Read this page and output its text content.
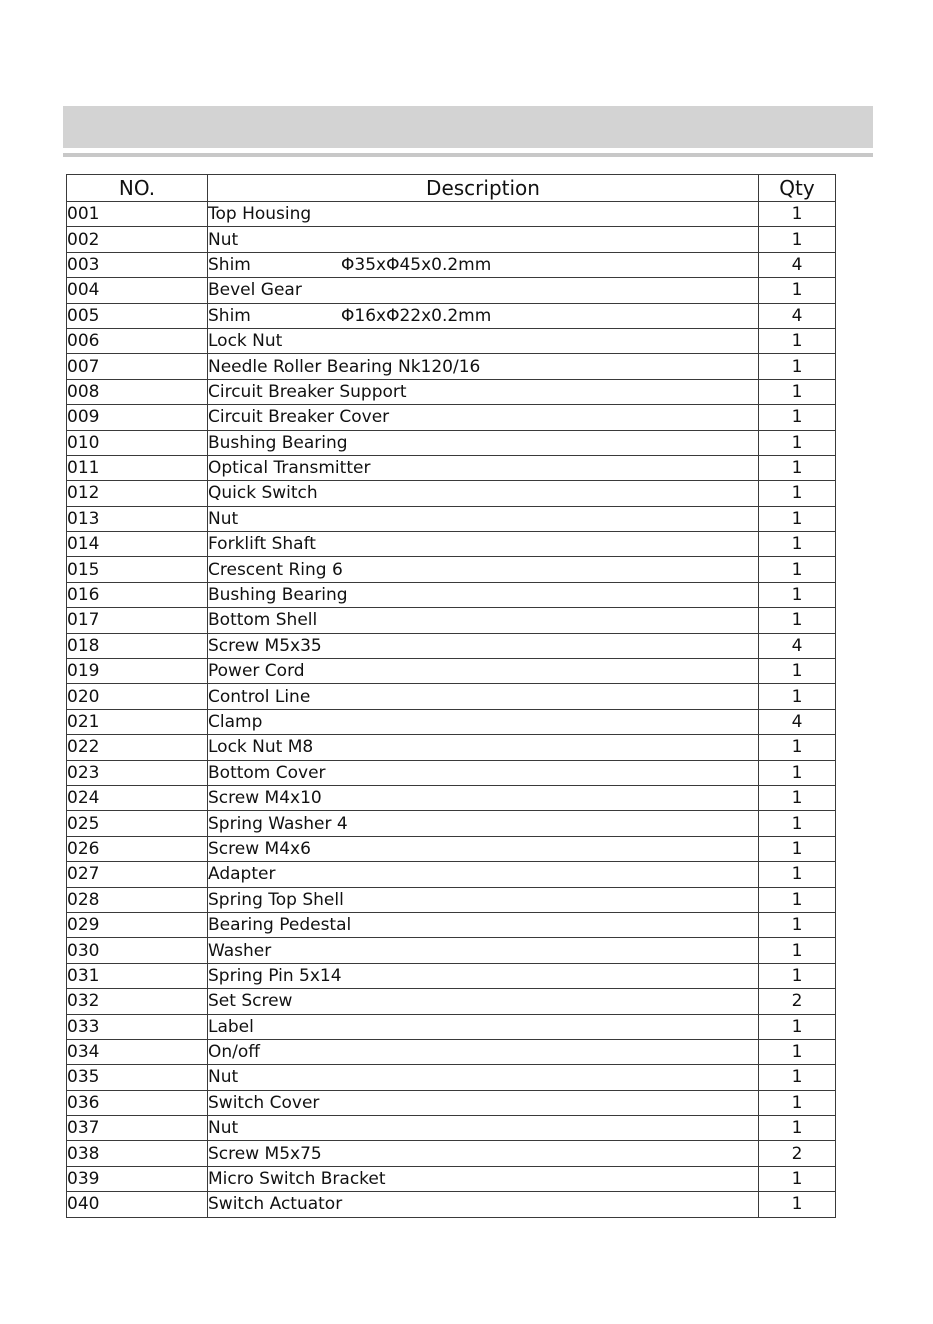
NO.	Description	Qty
001	Top Housing	1
002	Nut	1
003	Shim Φ35xΦ45x0.2mm	4
004	Bevel Gear	1
005	Shim Φ16xΦ22x0.2mm	4
006	Lock Nut	1
007	Needle Roller Bearing Nk120/16	1
008	Circuit Breaker Support	1
009	Circuit Breaker Cover	1
010	Bushing Bearing	1
011	Optical Transmitter	1
012	Quick Switch	1
013	Nut	1
014	Forklift Shaft	1
015	Crescent Ring 6	1
016	Bushing Bearing	1
017	Bottom Shell	1
018	Screw M5x35	4
019	Power Cord	1
020	Control Line	1
021	Clamp	4
022	Lock Nut M8	1
023	Bottom Cover	1
024	Screw M4x10	1
025	Spring Washer 4	1
026	Screw M4x6	1
027	Adapter	1
028	Spring Top Shell	1
029	Bearing Pedestal	1
030	Washer	1
031	Spring Pin 5x14	1
032	Set Screw	2
033	Label	1
034	On/off	1
035	Nut	1
036	Switch Cover	1
037	Nut	1
038	Screw M5x75	2
039	Micro Switch Bracket	1
040	Switch Actuator	1
